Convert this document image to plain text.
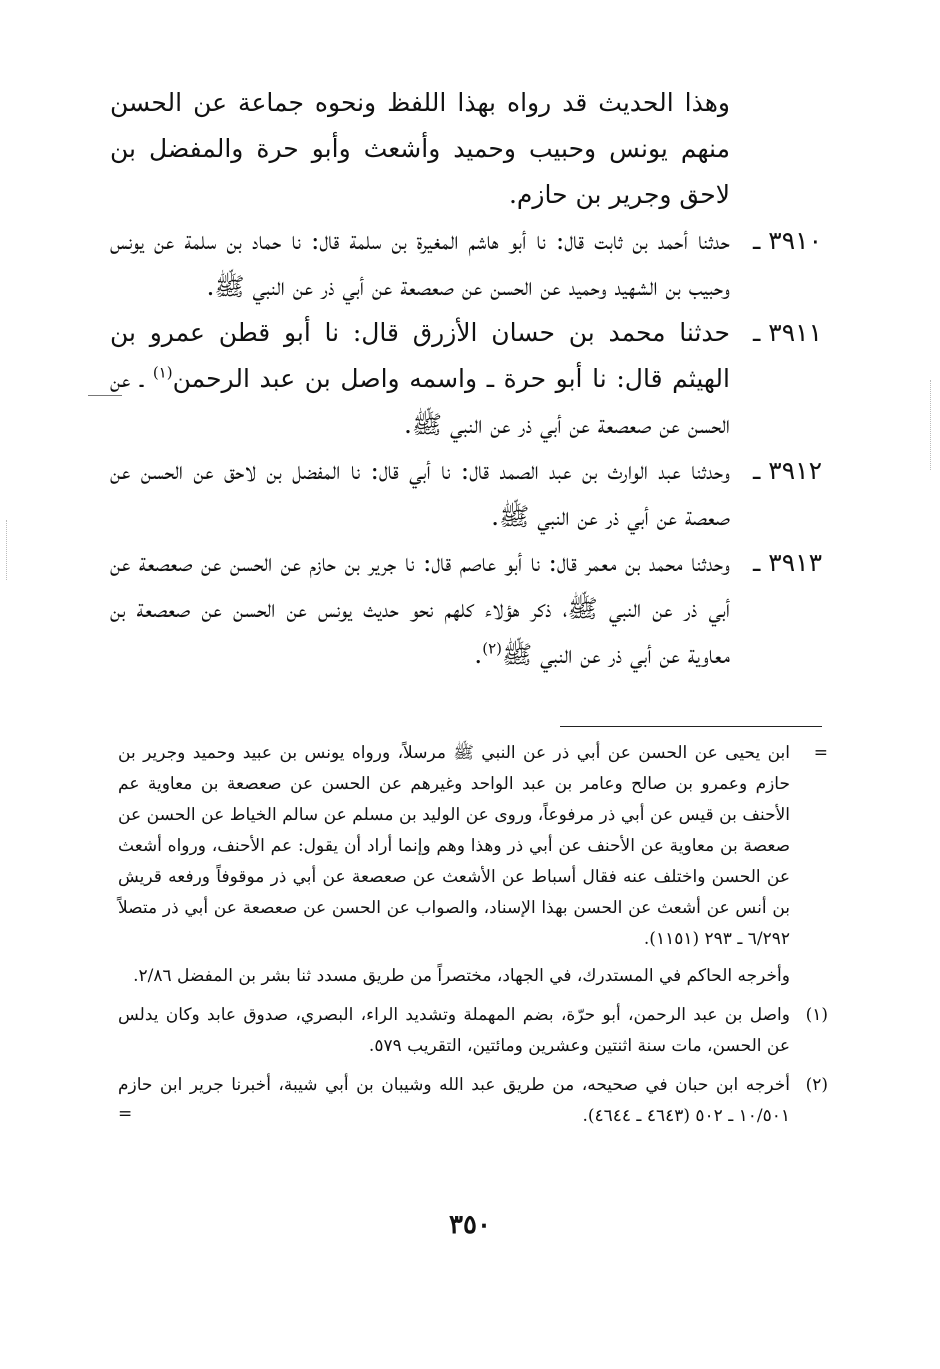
وهذا الحديث قد رواه بهذا اللفظ ونحوه جماعة عن الحسن منهم يونس وحبيب وحميد وأشعث وأبو حرة والمفضل بن لاحق وجرير بن حازم.

٣٩١٠ ـ

حدثنا أحمد بن ثابت قال: نا أبو هاشم المغيرة بن سلمة قال: نا حماد بن سلمة عن يونس وحبيب بن الشهيد وحميد عن الحسن عن صعصعة عن أبي ذر عن النبي ﷺ.

٣٩١١ ـ

حدثنا محمد بن حسان الأزرق قال: نا أبو قطن عمرو بن الهيثم قال: نا أبو حرة ـ واسمه واصل بن عبد الرحمن$^{(١)}$ ـ عن الحسن عن صعصعة عن أبي ذر عن النبي ﷺ.

٣٩١٢ ـ

وحدثنا عبد الوارث بن عبد الصمد قال: نا أبي قال: نا المفضل بن لاحق عن الحسن عن صعصة عن أبي ذر عن النبي ﷺ.

٣٩١٣ ـ

وحدثنا محمد بن معمر قال: نا أبو عاصم قال: نا جرير بن حازم عن الحسن عن صعصعة عن أبي ذر عن النبي ﷺ، ذكر هؤلاء كلهم نحو حديث يونس عن الحسن عن صعصعة بن معاوية عن أبي ذر عن النبي ﷺ$^{(٢)}$.

=

ابن يحيى عن الحسن عن أبي ذر عن النبي ﷺ مرسلاً، ورواه يونس بن عبيد وحميد وجرير بن حازم وعمرو بن صالح وعامر بن عبد الواحد وغيرهم عن الحسن عن صعصعة بن معاوية عم الأحنف بن قيس عن أبي ذر مرفوعاً، وروى عن الوليد بن مسلم عن سالم الخياط عن الحسن عن صعصة بن معاوية عن الأحنف عن أبي ذر وهذا وهم وإنما أراد أن يقول: عم الأحنف، ورواه أشعث عن الحسن واختلف عنه فقال أسباط عن الأشعث عن صعصعة عن أبي ذر موقوفاً ورفعه قريش بن أنس عن أشعث عن الحسن بهذا الإسناد، والصواب عن الحسن عن صعصعة عن أبي ذر متصلاً ٦/٢٩٢ ـ ٢٩٣ (١١٥١).

وأخرجه الحاكم في المستدرك، في الجهاد، مختصراً من طريق مسدد ثنا بشر بن المفضل ٢/٨٦.

(١)

واصل بن عبد الرحمن، أبو حرّة، بضم المهملة وتشديد الراء، البصري، صدوق عابد وكان يدلس عن الحسن، مات سنة اثنتين وعشرين ومائتين، التقريب ٥٧٩.

(٢)

أخرجه ابن حبان في صحيحه، من طريق عبد الله وشيبان بن أبي شيبة، أخبرنا جرير ابن حازم ١٠/٥٠١ ـ ٥٠٢ (٤٦٤٣ ـ ٤٦٤٤).

=
٣٥٠
